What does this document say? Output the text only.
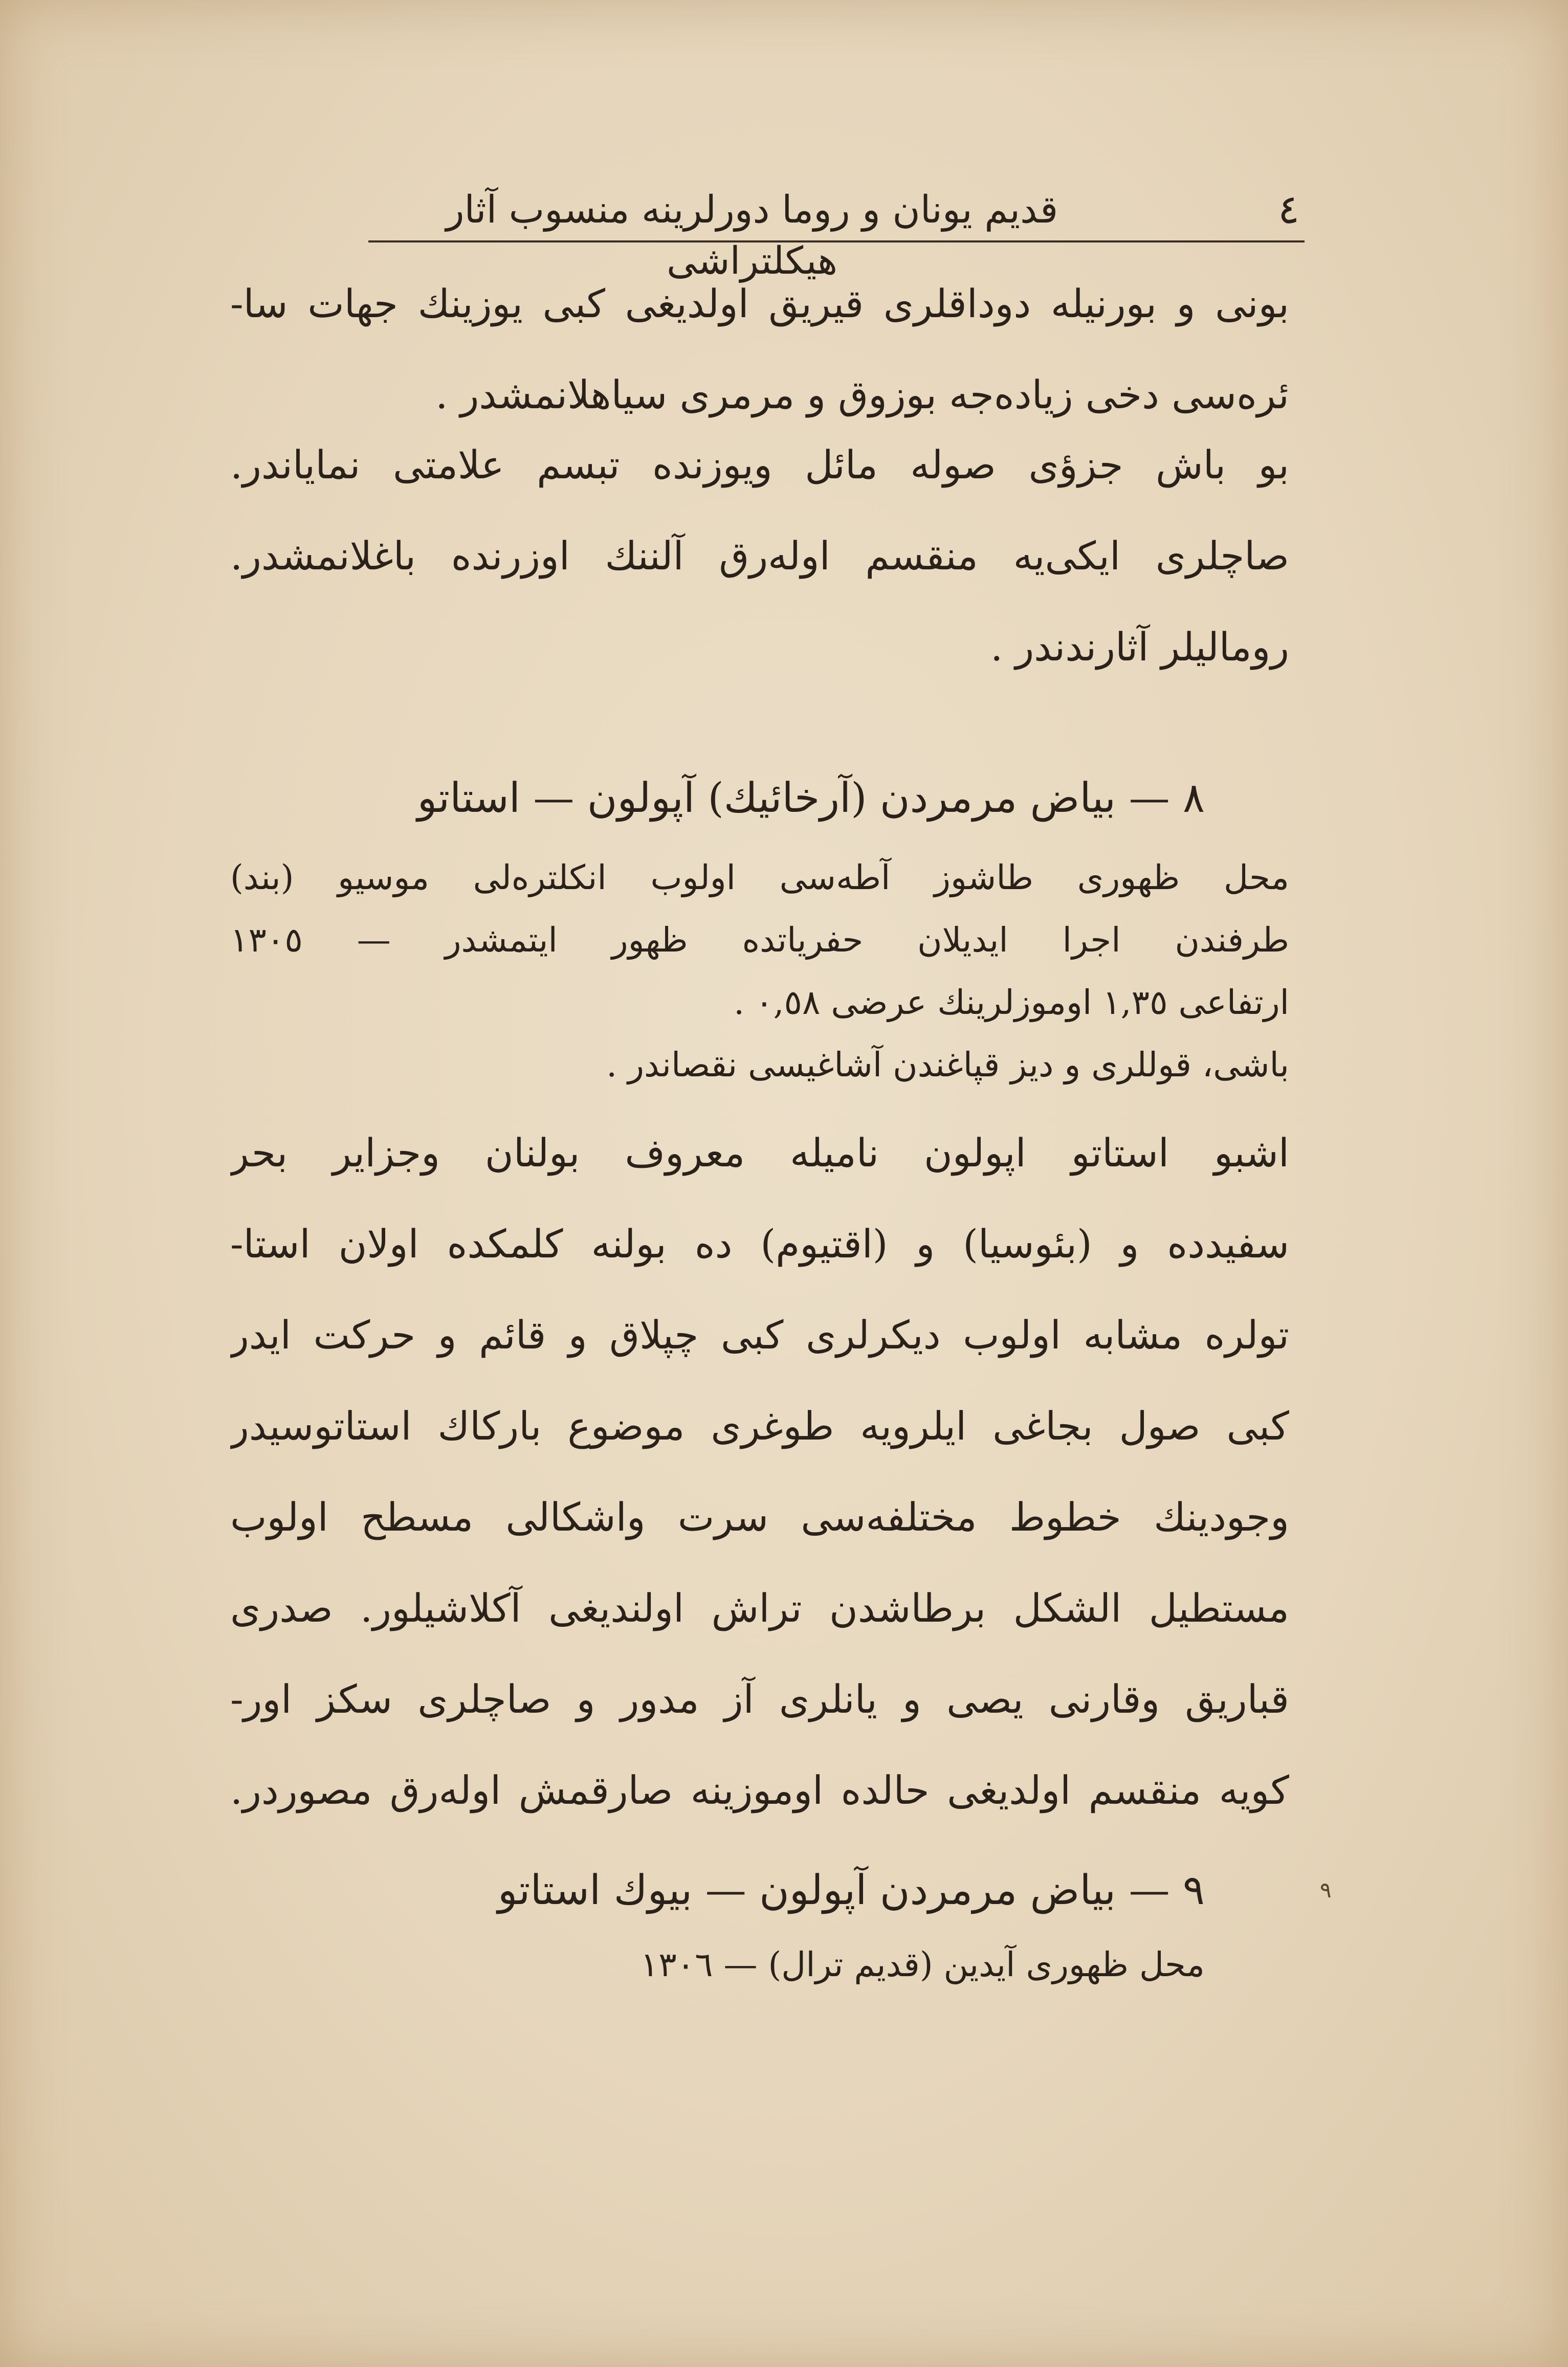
قدیم یونان و روما دورلرینه منسوب آثار هیکلتراشی
٤
بونی و بورنیله دوداقلری قیریق اولدیغی کبی یوزینك جهات سا-
ئرەسی دخی زیادەجه بوزوق و مرمری سیاهلانمشدر .
بو باش جزؤی صوله مائل ویوزنده تبسم علامتی نمایاندر.
صاچلری ایکی‌یه منقسم اولەرق آلننك اوزرنده باغلانمشدر.
رومالیلر آثارندندر .
٨ — بیاض مرمردن (آرخائیك) آپولون — استاتو
محل ظهوری طاشوز آطەسی اولوب انکلترەلی موسیو (بند)
طرفندن اجرا ایدیلان حفریاتده ظهور ایتمشدر — ١٣٠٥
ارتفاعی ١,٣٥ اوموزلرینك عرضی ٠,٥٨ .
باشی، قوللری و دیز قپاغندن آشاغیسی نقصاندر .
اشبو استاتو اپولون نامیله معروف بولنان وجزایر بحر
سفیدده و (بئوسیا) و (اقتیوم) ده بولنه کلمکده اولان استا-
تولره مشابه اولوب دیکرلری کبی چپلاق و قائم و حرکت ایدر
کبی صول بجاغی ایلرویه طوغری موضوع بارکاك استاتوسیدر
وجودینك خطوط مختلفەسی سرت واشکالی مسطح اولوب
مستطیل الشکل برطاشدن تراش اولندیغی آکلاشیلور. صدری
قباریق وقارنی یصی و یانلری آز مدور و صاچلری سکز اور-
کویه منقسم اولدیغی حالده اوموزینه صارقمش اولەرق مصوردر.
٩ — بیاض مرمردن آپولون — بیوك استاتو
محل ظهوری آیدین (قدیم ترال) — ١٣٠٦
٩
